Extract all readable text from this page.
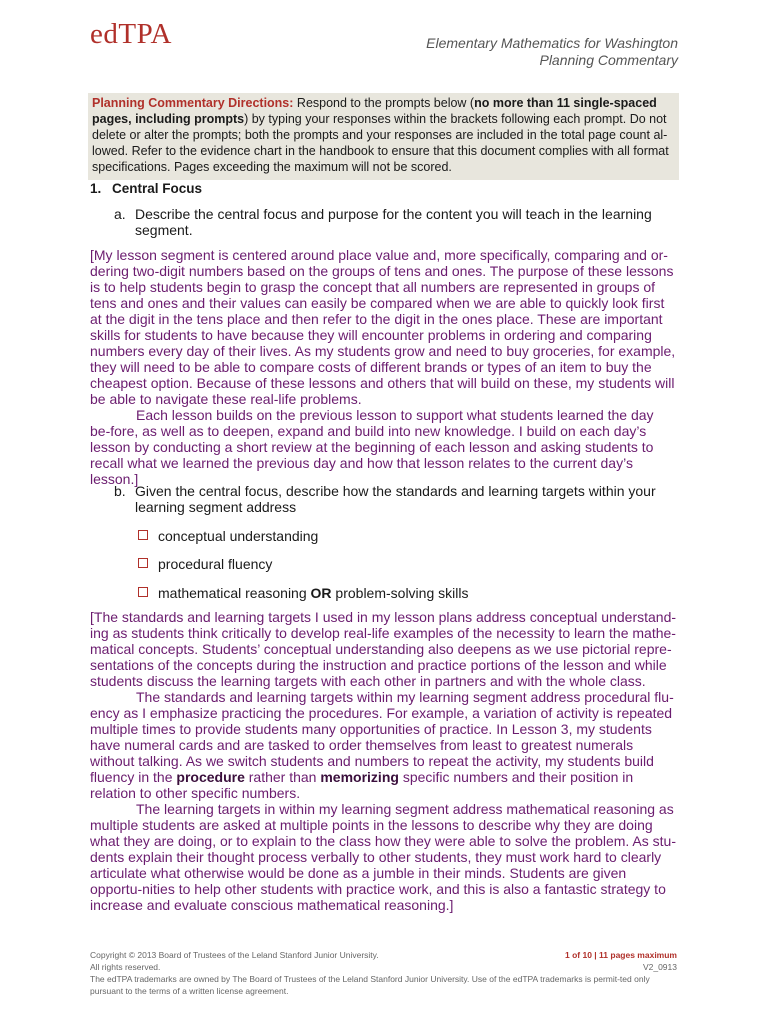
edTPA	Elementary Mathematics for Washington
Planning Commentary
Planning Commentary Directions: Respond to the prompts below (no more than 11 single-spaced pages, including prompts) by typing your responses within the brackets following each prompt. Do not delete or alter the prompts; both the prompts and your responses are included in the total page count al-lowed. Refer to the evidence chart in the handbook to ensure that this document complies with all format specifications. Pages exceeding the maximum will not be scored.
1. Central Focus
a. Describe the central focus and purpose for the content you will teach in the learning segment.

[My lesson segment is centered around place value and, more specifically, comparing and or-dering two-digit numbers based on the groups of tens and ones. The purpose of these lessons is to help students begin to grasp the concept that all numbers are represented in groups of tens and ones and their values can easily be compared when we are able to quickly look first at the digit in the tens place and then refer to the digit in the ones place. These are important skills for students to have because they will encounter problems in ordering and comparing numbers every day of their lives. As my students grow and need to buy groceries, for example, they will need to be able to compare costs of different brands or types of an item to buy the cheapest option. Because of these lessons and others that will build on these, my students will be able to navigate these real-life problems.

Each lesson builds on the previous lesson to support what students learned the day be-fore, as well as to deepen, expand and build into new knowledge. I build on each day’s lesson by conducting a short review at the beginning of each lesson and asking students to recall what we learned the previous day and how that lesson relates to the current day’s lesson.]

b. Given the central focus, describe how the standards and learning targets within your learning segment address
conceptual understanding
procedural fluency
mathematical reasoning OR problem-solving skills

[The standards and learning targets I used in my lesson plans address conceptual understand-ing as students think critically to develop real-life examples of the necessity to learn the mathe-matical concepts. Students’ conceptual understanding also deepens as we use pictorial repre-sentations of the concepts during the instruction and practice portions of the lesson and while students discuss the learning targets with each other in partners and with the whole class.

The standards and learning targets within my learning segment address procedural flu-ency as I emphasize practicing the procedures. For example, a variation of activity is repeated multiple times to provide students many opportunities of practice. In Lesson 3, my students have numeral cards and are tasked to order themselves from least to greatest numerals without talking. As we switch students and numbers to repeat the activity, my students build fluency in the procedure rather than memorizing specific numbers and their position in relation to other specific numbers.

The learning targets in within my learning segment address mathematical reasoning as multiple students are asked at multiple points in the lessons to describe why they are doing what they are doing, or to explain to the class how they were able to solve the problem. As stu-dents explain their thought process verbally to other students, they must work hard to clearly articulate what otherwise would be done as a jumble in their minds. Students are given opportu-nities to help other students with practice work, and this is also a fantastic strategy to increase and evaluate conscious mathematical reasoning.]

Copyright © 2013 Board of Trustees of the Leland Stanford Junior University.
All rights reserved.
The edTPA trademarks are owned by The Board of Trustees of the Leland Stanford Junior University. Use of the edTPA trademarks is permit-ted only pursuant to the terms of a written license agreement.
1 of 10 | 11 pages maximum
V2_0913
